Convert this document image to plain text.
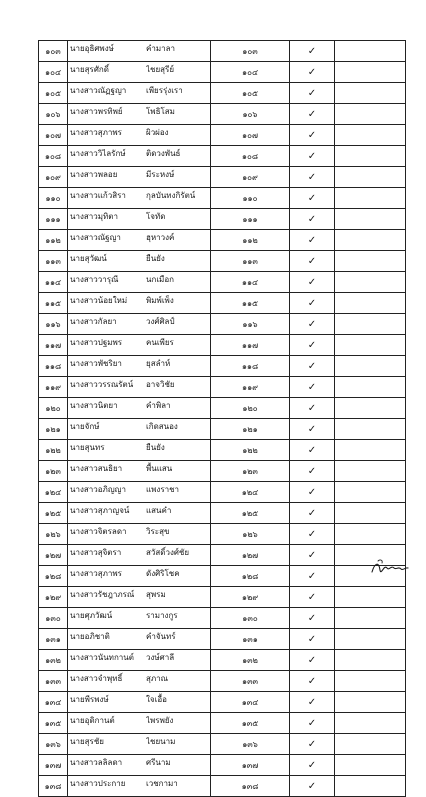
๑๐๓	นายอุธิศพงษ์ คำมาลา	๑๐๓	✓	
๑๐๔	นายสุรศักดิ์ ไชยสุรีย์	๑๐๔	✓	
๑๐๕	นางสาวณัฏฐญา เพียรรุ่งเรา	๑๐๕	✓	
๑๐๖	นางสาวพรทิพย์ โพธิโสม	๑๐๖	✓	
๑๐๗	นางสาวสุภาพร ผิวผ่อง	๑๐๗	✓	
๑๐๘	นางสาววิไลรักษ์ ติดวงพันธ์	๑๐๘	✓	
๑๐๙	นางสาวพลอย มีระหงษ์	๑๐๙	✓	
๑๑๐	นางสาวแก้วสิรา กุลบันทงกิรัตน์	๑๑๐	✓	
๑๑๑	นางสาวมุทิตา โจทัด	๑๑๑	✓	
๑๑๒	นางสาวณัฐญา ฮุหาวงค์	๑๑๒	✓	
๑๑๓	นายสุวัฒน์ ยืนยัง	๑๑๓	✓	
๑๑๔	นางสาววารุณี นกเมือก	๑๑๔	✓	
๑๑๕	นางสาวน้อยใหม่ พิมพ์เพ็ง	๑๑๕	✓	
๑๑๖	นางสาวกัลยา วงศ์ศิลป์	๑๑๖	✓	
๑๑๗	นางสาวปฐมพร คนเพียร	๑๑๗	✓	
๑๑๘	นางสาวพัชริยา ยุสลำห์	๑๑๘	✓	
๑๑๙	นางสาววรรณรัตน์ อาจวิชัย	๑๑๙	✓	
๑๒๐	นางสาวนิตยา คำพิลา	๑๒๐	✓	
๑๒๑	นายจักษ์ เกิดสนอง	๑๒๑	✓	
๑๒๒	นายสุนทร ยืนยัง	๑๒๒	✓	
๑๒๓	นางสาวสนธิยา พื้นแสน	๑๒๓	✓	
๑๒๔	นางสาวอภิญญา แพงราชา	๑๒๔	✓	
๑๒๕	นางสาวสุภาญจน์ แสนคำ	๑๒๕	✓	
๑๒๖	นางสาวจิตรลดา วิระสุข	๑๒๖	✓	
๑๒๗	นางสาวสุจิตรา สวัสดิ์วงศ์ชัย	๑๒๗	✓	
๑๒๘	นางสาวสุภาพร ดังศิริโชค	๑๒๘	✓	
๑๒๙	นางสาวรัชฎาภรณ์ สุพรม	๑๒๙	✓	
๑๓๐	นายศุภวัฒน์ รามางกูร	๑๓๐	✓	
๑๓๑	นายอภิชาติ คำจันทร์	๑๓๑	✓	
๑๓๒	นางสาวนันทกานต์ วงษ์ศาลี	๑๓๒	✓	
๑๓๓	นางสาวจำพุทธิ์ สุภาณ	๑๓๓	✓	
๑๓๔	นายพีรพงษ์ ใจเอื้อ	๑๓๔	✓	
๑๓๕	นายอุดิกานต์ ไพรพยัง	๑๓๕	✓	
๑๓๖	นายสุรชัย ไชยนาม	๑๓๖	✓	
๑๓๗	นางสาวลลิลดา ศรีนาม	๑๓๗	✓	
๑๓๘	นางสาวประกาย เวชกามา	๑๓๘	✓	
